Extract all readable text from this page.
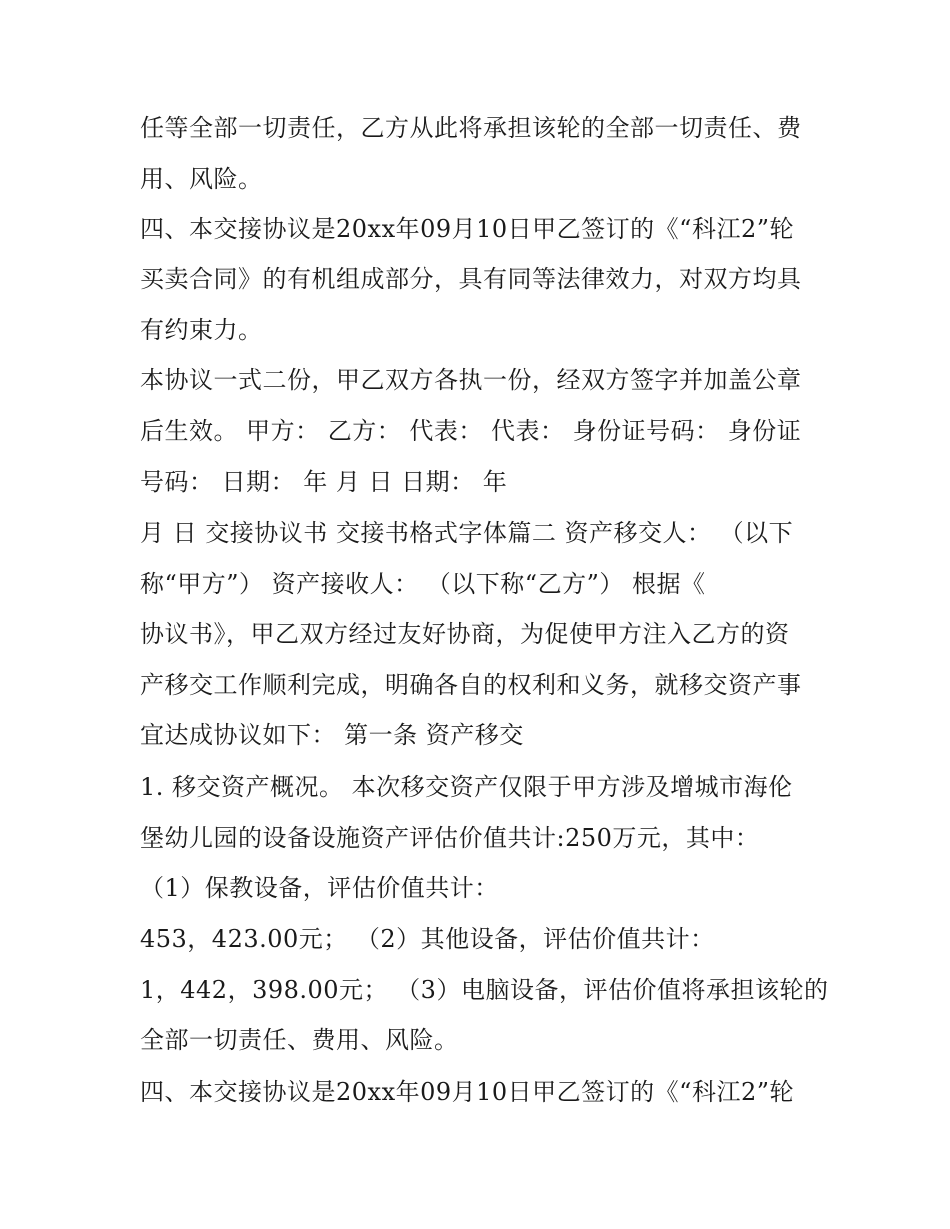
任等全部一切责任，乙方从此将承担该轮的全部一切责任、费

用、风险。

四、本交接协议是20xx年09月10日甲乙签订的《“科江2”轮

买卖合同》的有机组成部分，具有同等法律效力，对双方均具

有约束力。

本协议一式二份，甲乙双方各执一份，经双方签字并加盖公章

后生效。 甲方： 乙方： 代表： 代表： 身份证号码： 身份证

号码： 日期： 年 月 日 日期： 年

月 日 交接协议书 交接书格式字体篇二 资产移交人： （以下

称“甲方”） 资产接收人： （以下称“乙方”） 根据《

协议书》，甲乙双方经过友好协商，为促使甲方注入乙方的资

产移交工作顺利完成，明确各自的权利和义务，就移交资产事

宜达成协议如下： 第一条 资产移交

1. 移交资产概况。 本次移交资产仅限于甲方涉及增城市海伦

堡幼儿园的设备设施资产评估价值共计:250万元，其中：

（1）保教设备，评估价值共计：

453，423.00元； （2）其他设备，评估价值共计：

1，442，398.00元； （3）电脑设备，评估价值将承担该轮的

全部一切责任、费用、风险。

四、本交接协议是20xx年09月10日甲乙签订的《“科江2”轮
